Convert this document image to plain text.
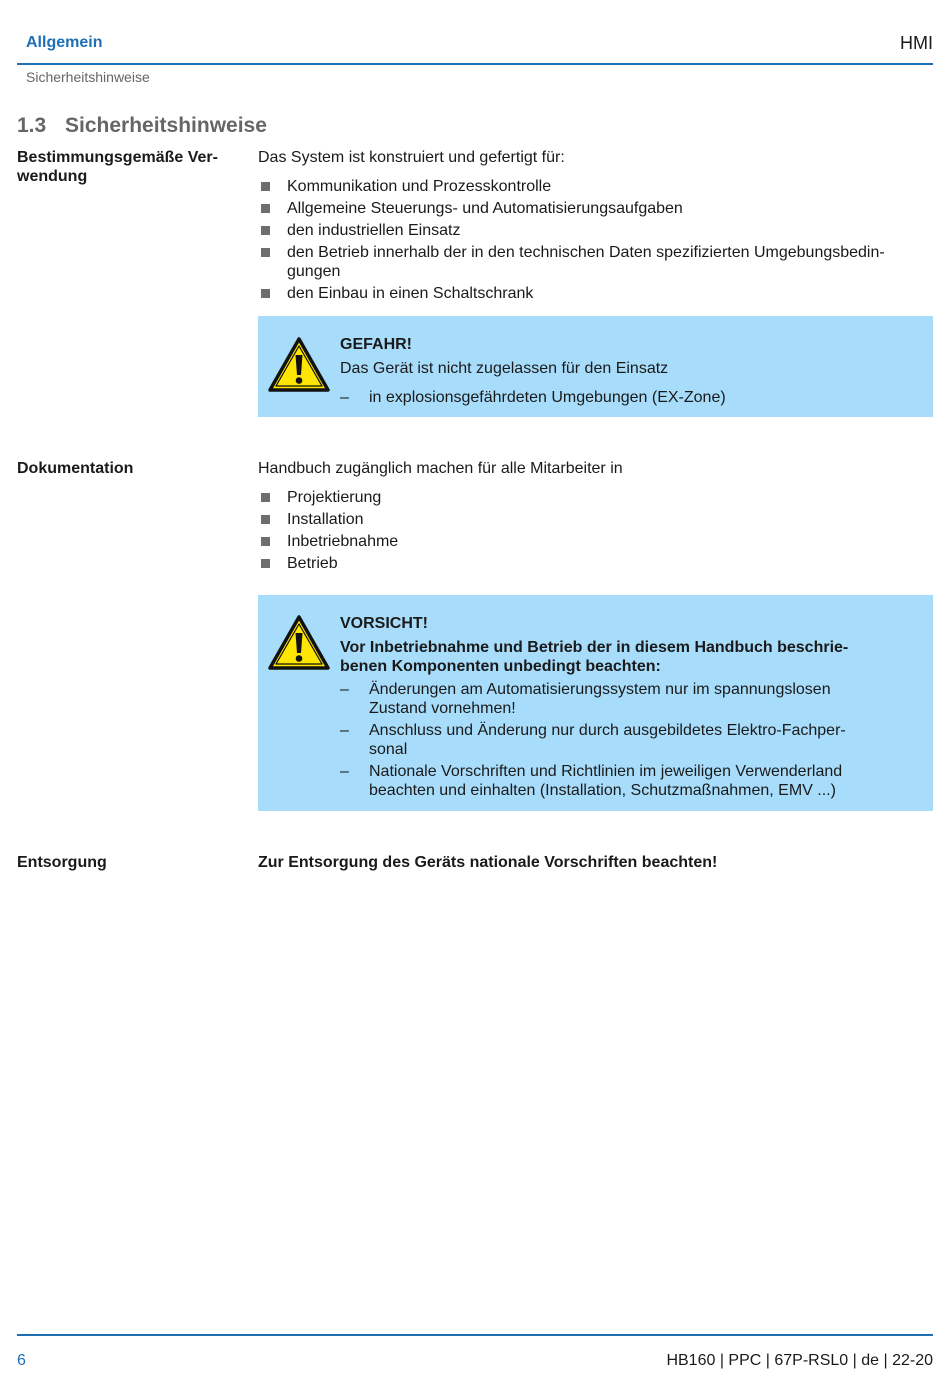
Allgemein	HMI
Sicherheitshinweise
1.3 Sicherheitshinweise
Bestimmungsgemäße Ver-
wendung
Das System ist konstruiert und gefertigt für:
Kommunikation und Prozesskontrolle
Allgemeine Steuerungs- und Automatisierungsaufgaben
den industriellen Einsatz
den Betrieb innerhalb der in den technischen Daten spezifizierten Umgebungsbedin-
gungen
den Einbau in einen Schaltschrank
GEFAHR!
Das Gerät ist nicht zugelassen für den Einsatz
– in explosionsgefährdeten Umgebungen (EX-Zone)
Dokumentation	Handbuch zugänglich machen für alle Mitarbeiter in
Projektierung
Installation
Inbetriebnahme
Betrieb
VORSICHT!
Vor Inbetriebnahme und Betrieb der in diesem Handbuch beschrie-
benen Komponenten unbedingt beachten:
– Änderungen am Automatisierungssystem nur im spannungslosen
Zustand vornehmen!
– Anschluss und Änderung nur durch ausgebildetes Elektro-Fachper-
sonal
– Nationale Vorschriften und Richtlinien im jeweiligen Verwenderland
beachten und einhalten (Installation, Schutzmaßnahmen, EMV ...)
Entsorgung	Zur Entsorgung des Geräts nationale Vorschriften beachten!
6	HB160 | PPC | 67P-RSL0 | de | 22-20
